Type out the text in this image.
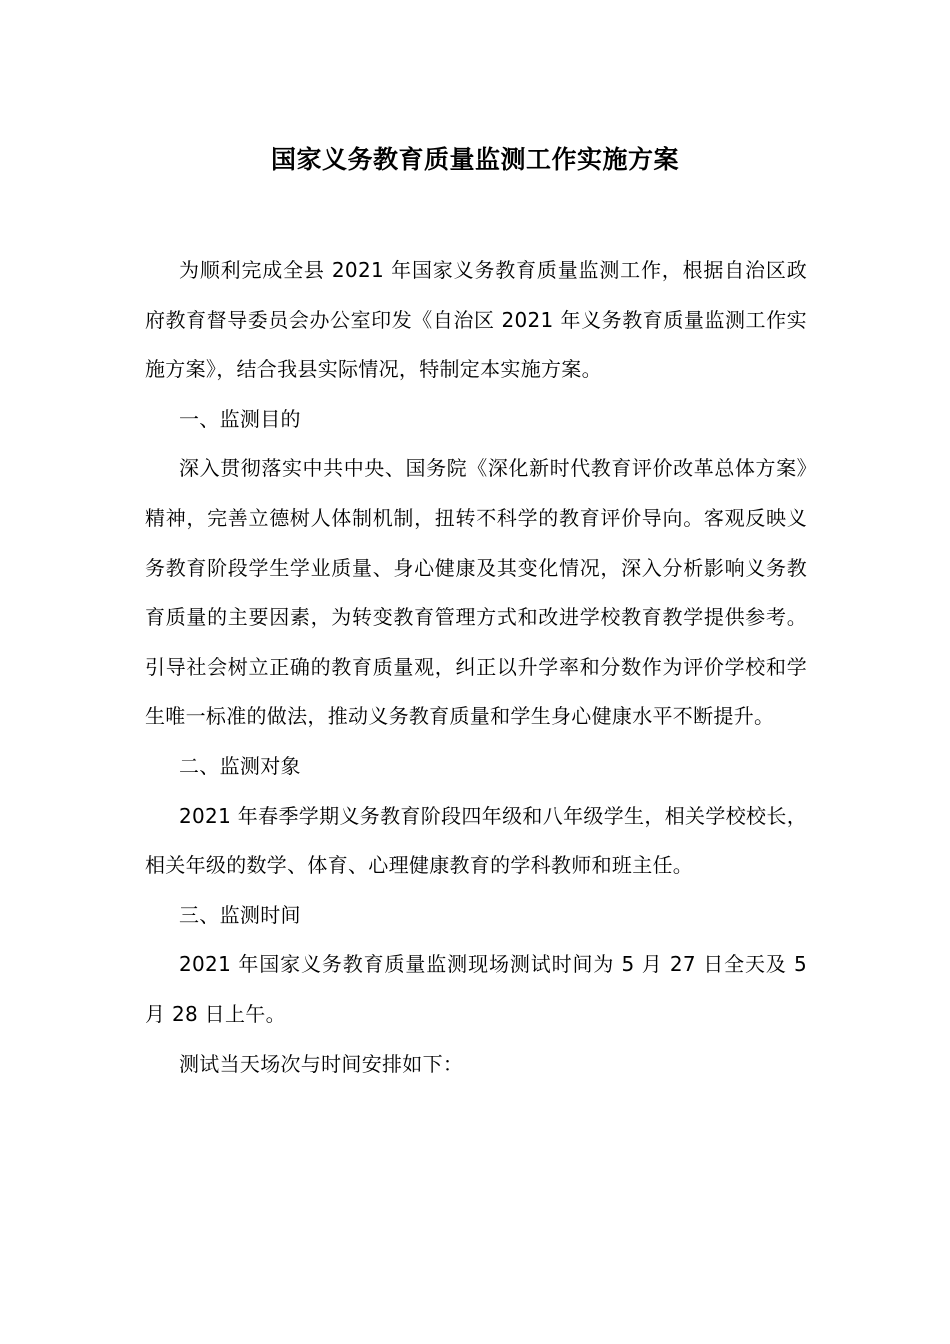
国家义务教育质量监测工作实施方案

为顺利完成全县 2021 年国家义务教育质量监测工作，根据自治区政府教育督导委员会办公室印发《自治区 2021 年义务教育质量监测工作实施方案》，结合我县实际情况，特制定本实施方案。

一、监测目的

深入贯彻落实中共中央、国务院《深化新时代教育评价改革总体方案》精神，完善立德树人体制机制，扭转不科学的教育评价导向。客观反映义务教育阶段学生学业质量、身心健康及其变化情况，深入分析影响义务教育质量的主要因素，为转变教育管理方式和改进学校教育教学提供参考。引导社会树立正确的教育质量观，纠正以升学率和分数作为评价学校和学生唯一标准的做法，推动义务教育质量和学生身心健康水平不断提升。

二、监测对象

2021 年春季学期义务教育阶段四年级和八年级学生，相关学校校长，相关年级的数学、体育、心理健康教育的学科教师和班主任。

三、监测时间

2021 年国家义务教育质量监测现场测试时间为 5 月 27 日全天及 5 月 28 日上午。

测试当天场次与时间安排如下：
